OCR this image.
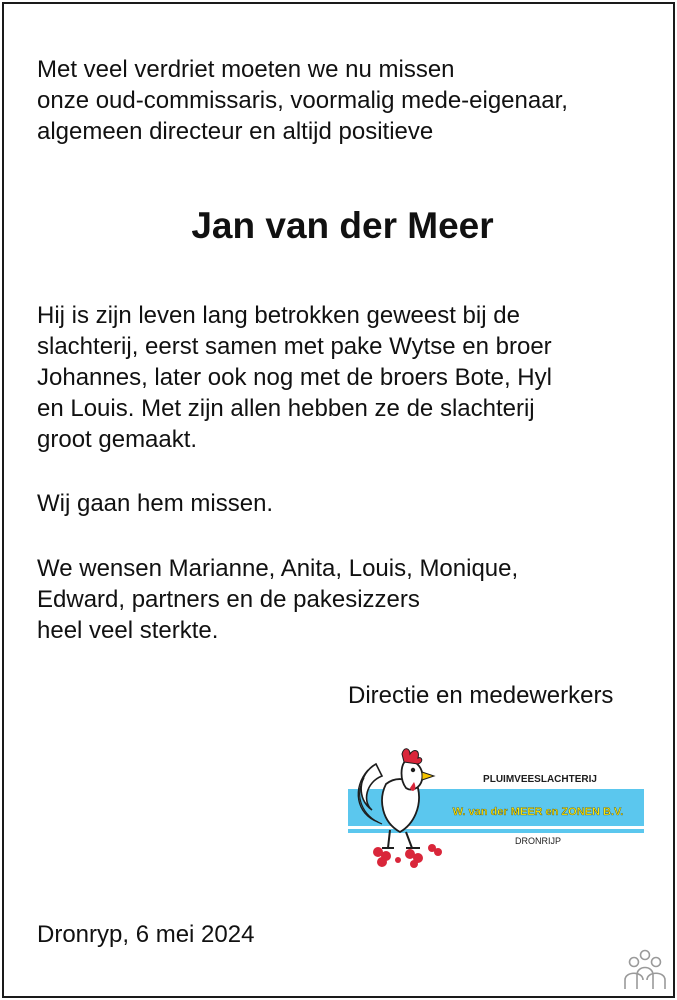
Met veel verdriet moeten we nu missen
onze oud-commissaris, voormalig mede-eigenaar,
algemeen directeur en altijd positieve
Jan van der Meer
Hij is zijn leven lang betrokken geweest bij de
slachterij, eerst samen met pake Wytse en broer
Johannes, later ook nog met de broers Bote, Hyl
en Louis. Met zijn allen hebben ze de slachterij
groot gemaakt.
Wij gaan hem missen.
We wensen Marianne, Anita, Louis, Monique,
Edward, partners en de pakesizzers
heel veel sterkte.
Directie en medewerkers
PLUIMVEESLACHTERIJ
W. van der MEER en ZONEN B.V.
DRONRIJP
Dronryp, 6 mei 2024
